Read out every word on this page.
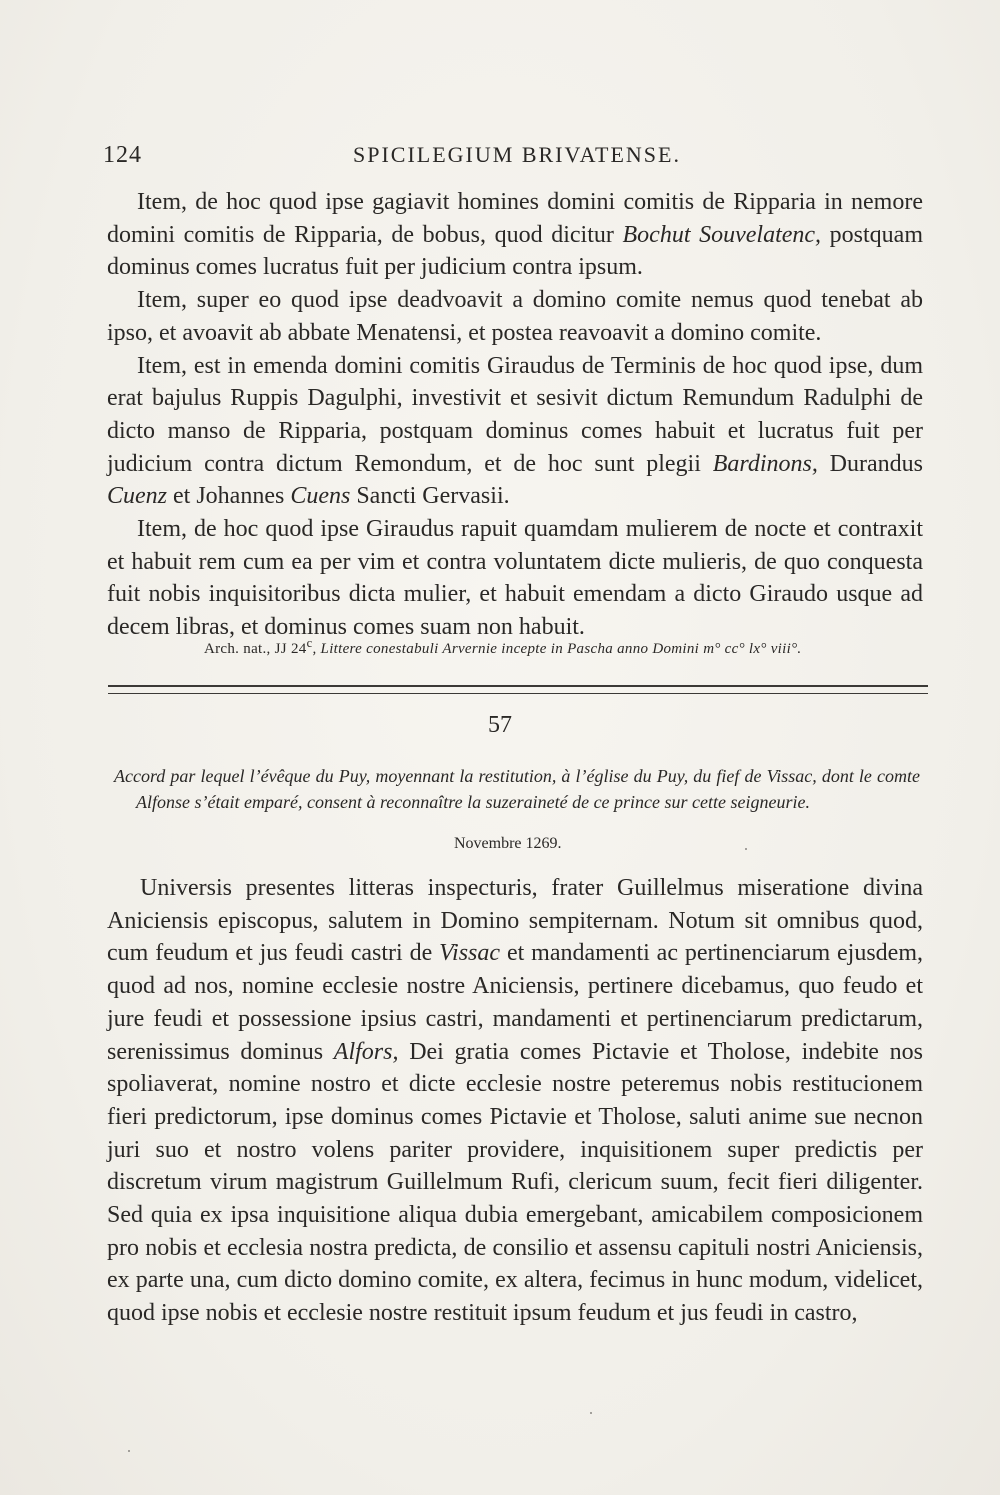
124	SPICILEGIUM BRIVATENSE.

Item, de hoc quod ipse gagiavit homines domini comitis de Ripparia in nemore domini comitis de Ripparia, de bobus, quod dicitur Bochut Souvelatenc, postquam dominus comes lucratus fuit per judicium contra ipsum.

Item, super eo quod ipse deadvoavit a domino comite nemus quod tenebat ab ipso, et avoavit ab abbate Menatensi, et postea reavoavit a domino comite.

Item, est in emenda domini comitis Giraudus de Terminis de hoc quod ipse, dum erat bajulus Ruppis Dagulphi, investivit et sesivit dictum Remundum Radulphi de dicto manso de Ripparia, postquam dominus comes habuit et lucratus fuit per judicium contra dictum Remondum, et de hoc sunt plegii Bardinons, Durandus Cuenz et Johannes Cuens Sancti Gervasii.

Item, de hoc quod ipse Giraudus rapuit quamdam mulierem de nocte et contraxit et habuit rem cum ea per vim et contra voluntatem dicte mulieris, de quo conquesta fuit nobis inquisitoribus dicta mulier, et habuit emendam a dicto Giraudo usque ad decem libras, et dominus comes suam non habuit.

Arch. nat., JJ 24$^c$, Littere conestabuli Arvernie incepte in Pascha anno Domini m° cc° lx° viii°.
57

Accord par lequel l’évêque du Puy, moyennant la restitution, à l’église du Puy, du fief de Vissac, dont le comte Alfonse s’était emparé, consent à reconnaître la suzeraineté de ce prince sur cette seigneurie.

Novembre 1269.

Universis presentes litteras inspecturis, frater Guillelmus miseratione divina Aniciensis episcopus, salutem in Domino sempiternam. Notum sit omnibus quod, cum feudum et jus feudi castri de Vissac et mandamenti ac pertinenciarum ejusdem, quod ad nos, nomine ecclesie nostre Aniciensis, pertinere dicebamus, quo feudo et jure feudi et possessione ipsius castri, mandamenti et pertinenciarum predictarum, serenissimus dominus Alfors, Dei gratia comes Pictavie et Tholose, indebite nos spoliaverat, nomine nostro et dicte ecclesie nostre peteremus nobis restitucionem fieri predictorum, ipse dominus comes Pictavie et Tholose, saluti anime sue necnon juri suo et nostro volens pariter providere, inquisitionem super predictis per discretum virum magistrum Guillelmum Rufi, clericum suum, fecit fieri diligenter. Sed quia ex ipsa inquisitione aliqua dubia emergebant, amicabilem composicionem pro nobis et ecclesia nostra predicta, de consilio et assensu capituli nostri Aniciensis, ex parte una, cum dicto domino comite, ex altera, fecimus in hunc modum, videlicet, quod ipse nobis et ecclesie nostre restituit ipsum feudum et jus feudi in castro,
